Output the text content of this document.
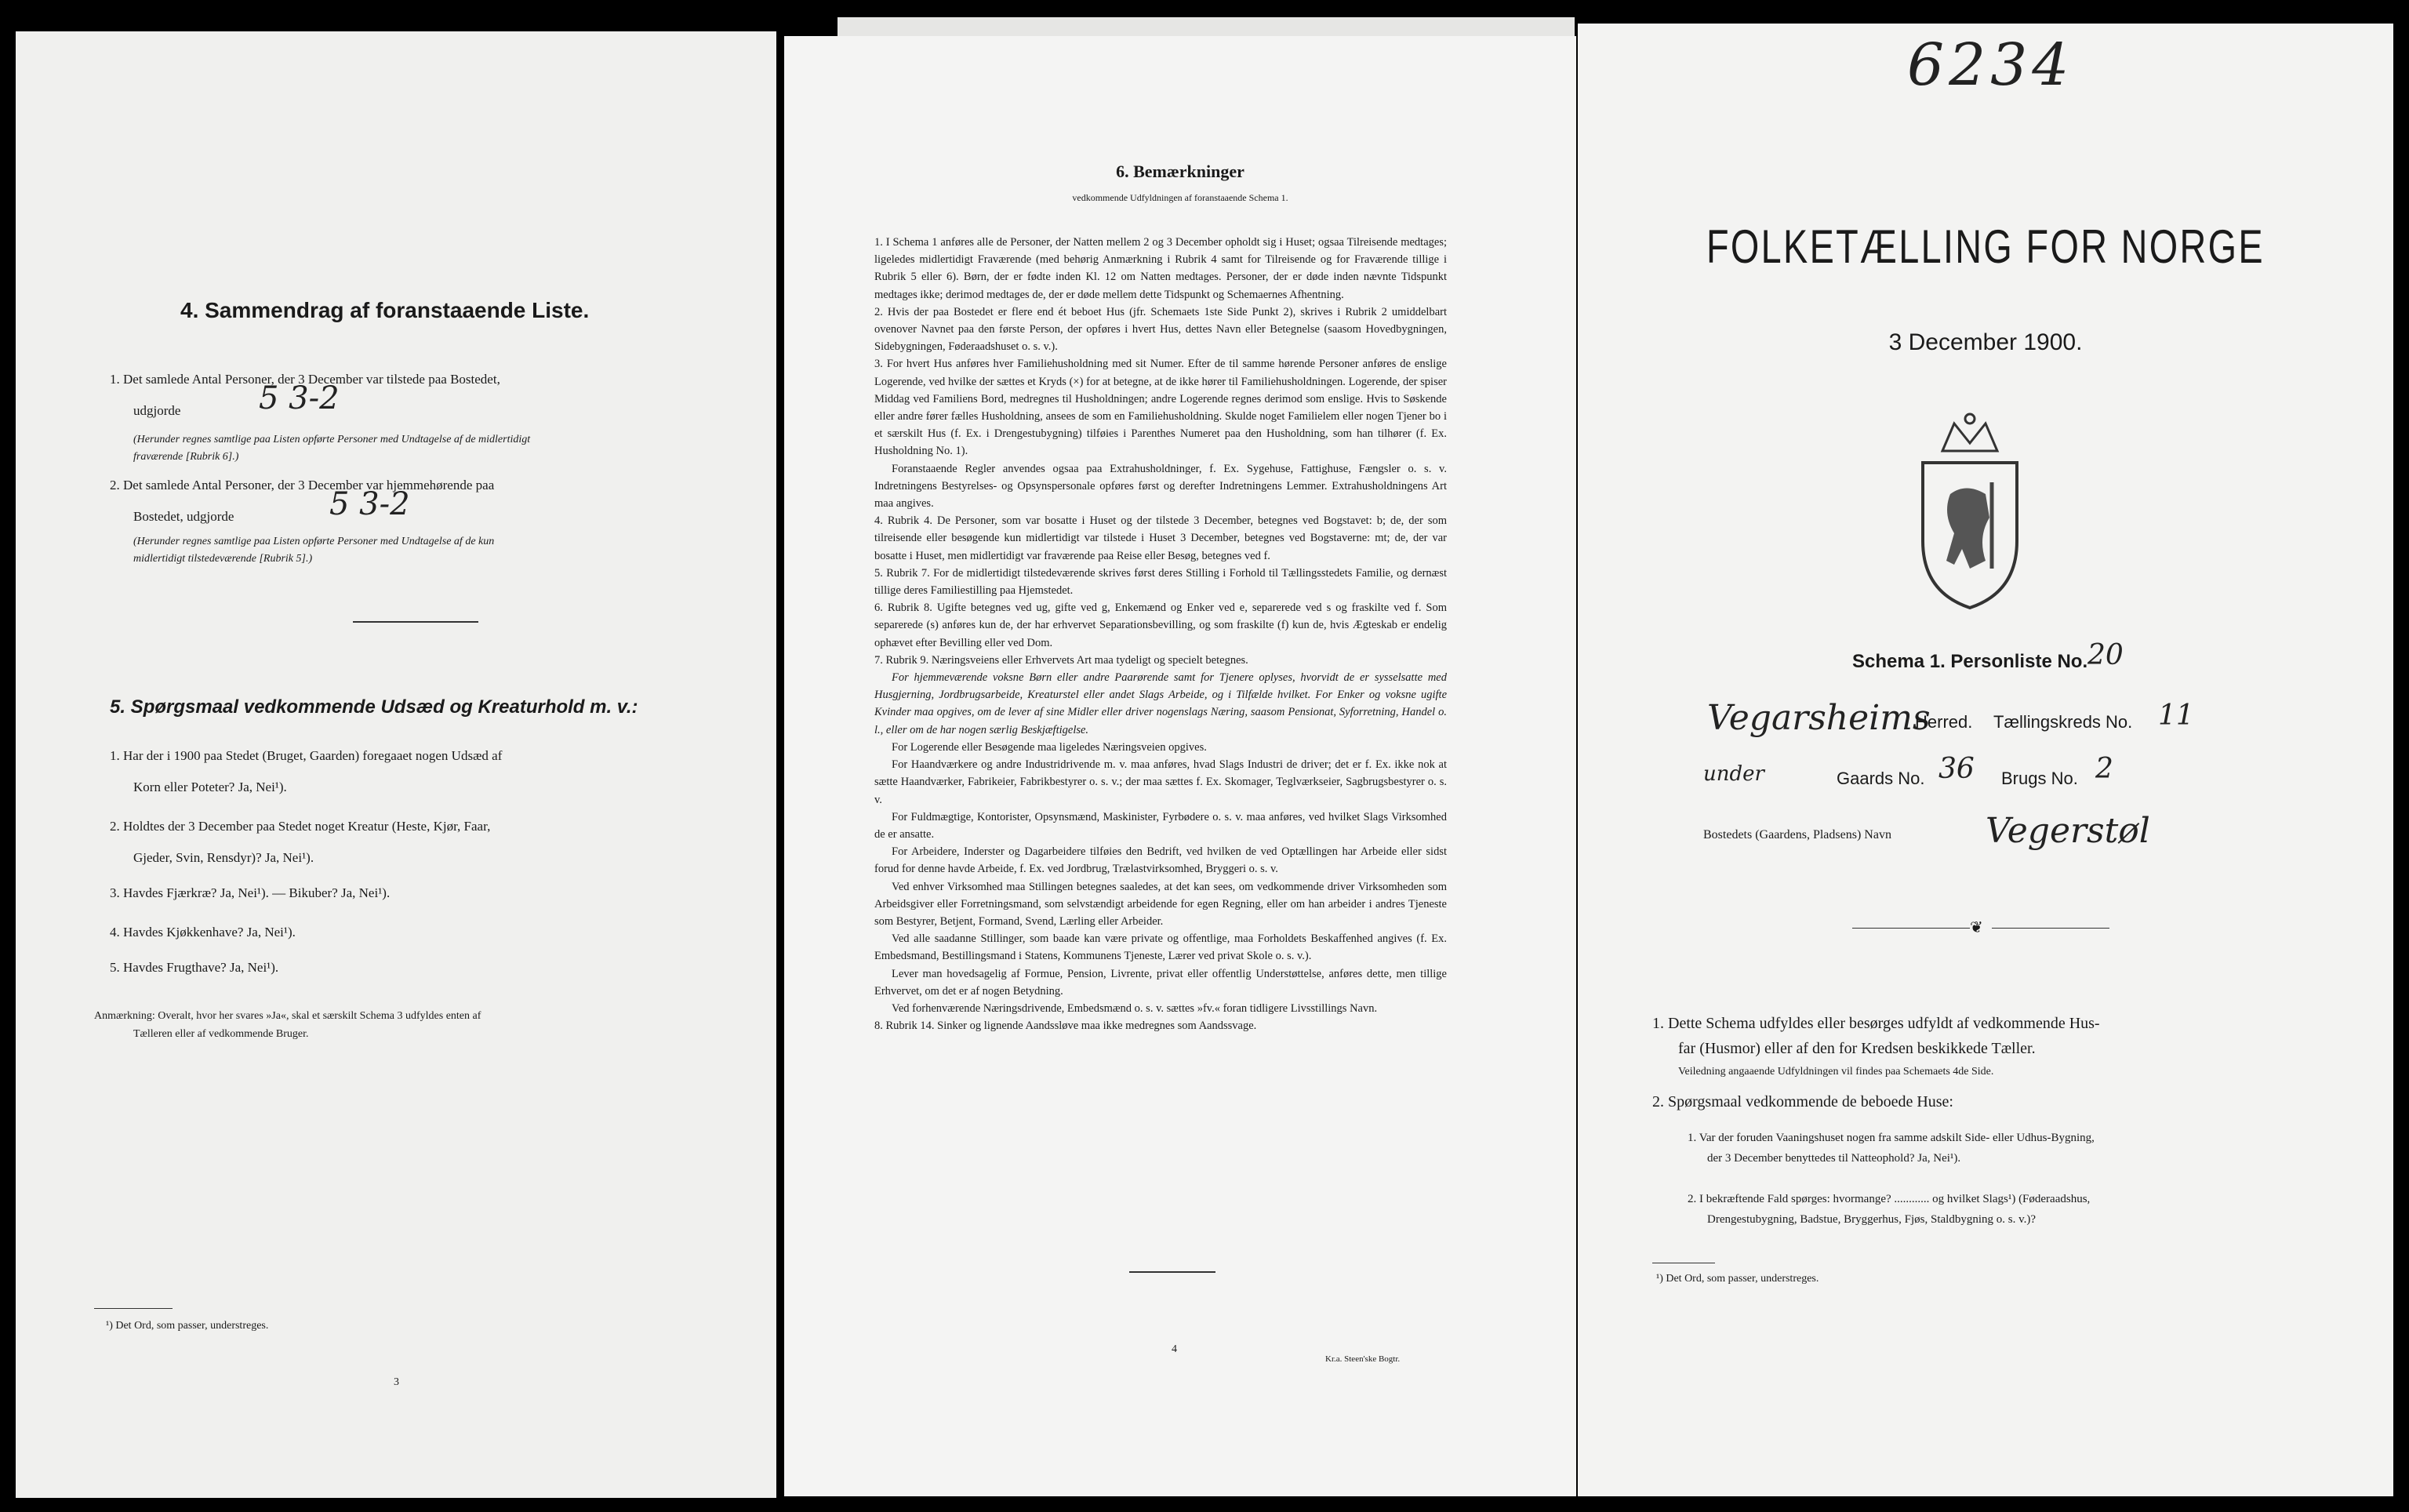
4. Sammendrag af foranstaaende Liste.
1. Det samlede Antal Personer, der 3 December var tilstede paa Bostedet,
udgjorde 5 3-2
(Herunder regnes samtlige paa Listen opførte Personer med Undtagelse af de midlertidigt
fraværende [Rubrik 6].)
2. Det samlede Antal Personer, der 3 December var hjemmehørende paa
Bostedet, udgjorde	5 3-2
(Herunder regnes samtlige paa Listen opførte Personer med Undtagelse af de kun
midlertidigt tilstedeværende [Rubrik 5].)
5. Spørgsmaal vedkommende Udsæd og Kreaturhold m. v.:
1. Har der i 1900 paa Stedet (Bruget, Gaarden) foregaaet nogen Udsæd af
Korn eller Poteter? Ja, Nei¹).
2. Holdtes der 3 December paa Stedet noget Kreatur (Heste, Kjør, Faar,
Gjeder, Svin, Rensdyr)? Ja, Nei¹).
3. Havdes Fjærkræ? Ja, Nei¹). — Bikuber? Ja, Nei¹).
4. Havdes Kjøkkenhave? Ja, Nei¹).
5. Havdes Frugthave? Ja, Nei¹).
Anmærkning: Overalt, hvor her svares »Ja«, skal et særskilt Schema 3 udfyldes enten af
Tælleren eller af vedkommende Bruger.
¹) Det Ord, som passer, understreges.
3
6. Bemærkninger
vedkommende Udfyldningen af foranstaaende Schema 1.

1. I Schema 1 anføres alle de Personer, der Natten mellem 2 og 3 December opholdt sig i Huset; ogsaa Tilreisende medtages; ligeledes midlertidigt Fraværende (med behørig Anmærkning i Rubrik 4 samt for Tilreisende og for Fraværende tillige i Rubrik 5 eller 6). Børn, der er fødte inden Kl. 12 om Natten medtages. Personer, der er døde inden nævnte Tidspunkt medtages ikke; derimod medtages de, der er døde mellem dette Tidspunkt og Schemaernes Afhentning.

2. Hvis der paa Bostedet er flere end ét beboet Hus (jfr. Schemaets 1ste Side Punkt 2), skrives i Rubrik 2 umiddelbart ovenover Navnet paa den første Person, der opføres i hvert Hus, dettes Navn eller Betegnelse (saasom Hovedbygningen, Sidebygningen, Føderaadshuset o. s. v.).

3. For hvert Hus anføres hver Familiehusholdning med sit Numer. Efter de til samme hørende Personer anføres de enslige Logerende, ved hvilke der sættes et Kryds (×) for at betegne, at de ikke hører til Familiehusholdningen. Logerende, der spiser Middag ved Familiens Bord, medregnes til Husholdningen; andre Logerende regnes derimod som enslige. Hvis to Søskende eller andre fører fælles Husholdning, ansees de som en Familiehusholdning. Skulde noget Familielem eller nogen Tjener bo i et særskilt Hus (f. Ex. i Drengestubygning) tilføies i Parenthes Numeret paa den Husholdning, som han tilhører (f. Ex. Husholdning No. 1).

Foranstaaende Regler anvendes ogsaa paa Extrahusholdninger, f. Ex. Sygehuse, Fattighuse, Fængsler o. s. v. Indretningens Bestyrelses- og Opsynspersonale opføres først og derefter Indretningens Lemmer. Extrahusholdningens Art maa angives.

4. Rubrik 4. De Personer, som var bosatte i Huset og der tilstede 3 December, betegnes ved Bogstavet: b; de, der som tilreisende eller besøgende kun midlertidigt var tilstede i Huset 3 December, betegnes ved Bogstaverne: mt; de, der var bosatte i Huset, men midlertidigt var fraværende paa Reise eller Besøg, betegnes ved f.

5. Rubrik 7. For de midlertidigt tilstedeværende skrives først deres Stilling i Forhold til Tællingsstedets Familie, og dernæst tillige deres Familiestilling paa Hjemstedet.

6. Rubrik 8. Ugifte betegnes ved ug, gifte ved g, Enkemænd og Enker ved e, separerede ved s og fraskilte ved f. Som separerede (s) anføres kun de, der har erhvervet Separationsbevilling, og som fraskilte (f) kun de, hvis Ægteskab er endelig ophævet efter Bevilling eller ved Dom.

7. Rubrik 9. Næringsveiens eller Erhvervets Art maa tydeligt og specielt betegnes.

For hjemmeværende voksne Børn eller andre Paarørende samt for Tjenere oplyses, hvorvidt de er sysselsatte med Husgjerning, Jordbrugsarbeide, Kreaturstel eller andet Slags Arbeide, og i Tilfælde hvilket. For Enker og voksne ugifte Kvinder maa opgives, om de lever af sine Midler eller driver nogenslags Næring, saasom Pensionat, Syforretning, Handel o. l., eller om de har nogen særlig Beskjæftigelse.

For Logerende eller Besøgende maa ligeledes Næringsveien opgives.

For Haandværkere og andre Industridrivende m. v. maa anføres, hvad Slags Industri de driver; det er f. Ex. ikke nok at sætte Haandværker, Fabrikeier, Fabrikbestyrer o. s. v.; der maa sættes f. Ex. Skomager, Teglværkseier, Sagbrugsbestyrer o. s. v.

For Fuldmægtige, Kontorister, Opsynsmænd, Maskinister, Fyrbødere o. s. v. maa anføres, ved hvilket Slags Virksomhed de er ansatte.

For Arbeidere, Inderster og Dagarbeidere tilføies den Bedrift, ved hvilken de ved Optællingen har Arbeide eller sidst forud for denne havde Arbeide, f. Ex. ved Jordbrug, Trælastvirksomhed, Bryggeri o. s. v.

Ved enhver Virksomhed maa Stillingen betegnes saaledes, at det kan sees, om vedkommende driver Virksomheden som Arbeidsgiver eller Forretningsmand, som selvstændigt arbeidende for egen Regning, eller om han arbeider i andres Tjeneste som Bestyrer, Betjent, Formand, Svend, Lærling eller Arbeider.

Ved alle saadanne Stillinger, som baade kan være private og offentlige, maa Forholdets Beskaffenhed angives (f. Ex. Embedsmand, Bestillingsmand i Statens, Kommunens Tjeneste, Lærer ved privat Skole o. s. v.).

Lever man hovedsagelig af Formue, Pension, Livrente, privat eller offentlig Understøttelse, anføres dette, men tillige Erhvervet, om det er af nogen Betydning.

Ved forhenværende Næringsdrivende, Embedsmænd o. s. v. sættes »fv.« foran tidligere Livsstillings Navn.

8. Rubrik 14. Sinker og lignende Aandssløve maa ikke medregnes som Aandssvage.

4
Kr.a. Steen'ske Bogtr.
6234
FOLKETÆLLING FOR NORGE
3 December 1900.
Schema 1. Personliste No. 20
Vegarsheims
Herred. Tællingskreds No. 11
under	Gaards No. 36 Brugs No. 2
Bostedets (Gaardens, Pladsens) Navn	Vegerstøl
❦
1. Dette Schema udfyldes eller besørges udfyldt af vedkommende Hus-
far (Husmor) eller af den for Kredsen beskikkede Tæller.
Veiledning angaaende Udfyldningen vil findes paa Schemaets 4de Side.
2. Spørgsmaal vedkommende de beboede Huse:
1. Var der foruden Vaaningshuset nogen fra samme adskilt Side- eller Udhus-Bygning,
der 3 December benyttedes til Natteophold? Ja, Nei¹).
2. I bekræftende Fald spørges: hvormange? ............ og hvilket Slags¹) (Føderaadshus,
Drengestubygning, Badstue, Bryggerhus, Fjøs, Staldbygning o. s. v.)?
¹) Det Ord, som passer, understreges.
